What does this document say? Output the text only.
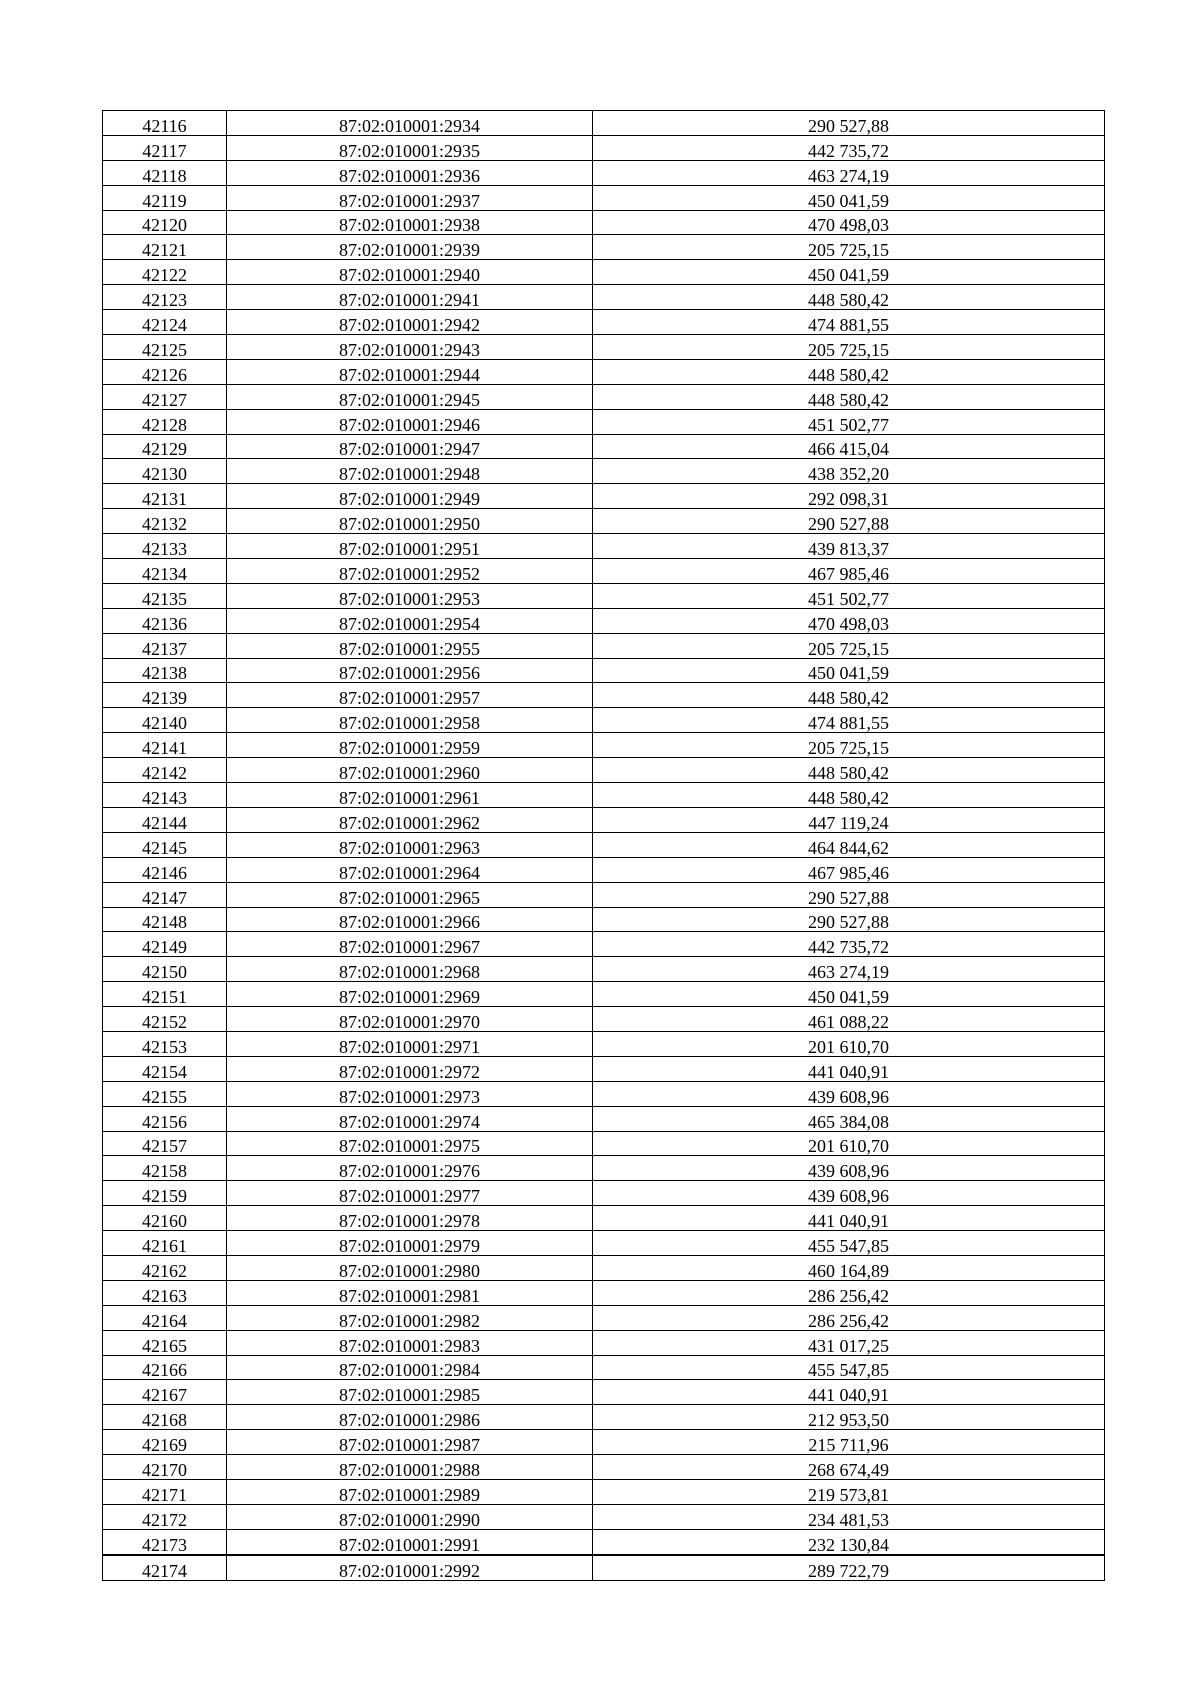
42116	87:02:010001:2934	290 527,88
42117	87:02:010001:2935	442 735,72
42118	87:02:010001:2936	463 274,19
42119	87:02:010001:2937	450 041,59
42120	87:02:010001:2938	470 498,03
42121	87:02:010001:2939	205 725,15
42122	87:02:010001:2940	450 041,59
42123	87:02:010001:2941	448 580,42
42124	87:02:010001:2942	474 881,55
42125	87:02:010001:2943	205 725,15
42126	87:02:010001:2944	448 580,42
42127	87:02:010001:2945	448 580,42
42128	87:02:010001:2946	451 502,77
42129	87:02:010001:2947	466 415,04
42130	87:02:010001:2948	438 352,20
42131	87:02:010001:2949	292 098,31
42132	87:02:010001:2950	290 527,88
42133	87:02:010001:2951	439 813,37
42134	87:02:010001:2952	467 985,46
42135	87:02:010001:2953	451 502,77
42136	87:02:010001:2954	470 498,03
42137	87:02:010001:2955	205 725,15
42138	87:02:010001:2956	450 041,59
42139	87:02:010001:2957	448 580,42
42140	87:02:010001:2958	474 881,55
42141	87:02:010001:2959	205 725,15
42142	87:02:010001:2960	448 580,42
42143	87:02:010001:2961	448 580,42
42144	87:02:010001:2962	447 119,24
42145	87:02:010001:2963	464 844,62
42146	87:02:010001:2964	467 985,46
42147	87:02:010001:2965	290 527,88
42148	87:02:010001:2966	290 527,88
42149	87:02:010001:2967	442 735,72
42150	87:02:010001:2968	463 274,19
42151	87:02:010001:2969	450 041,59
42152	87:02:010001:2970	461 088,22
42153	87:02:010001:2971	201 610,70
42154	87:02:010001:2972	441 040,91
42155	87:02:010001:2973	439 608,96
42156	87:02:010001:2974	465 384,08
42157	87:02:010001:2975	201 610,70
42158	87:02:010001:2976	439 608,96
42159	87:02:010001:2977	439 608,96
42160	87:02:010001:2978	441 040,91
42161	87:02:010001:2979	455 547,85
42162	87:02:010001:2980	460 164,89
42163	87:02:010001:2981	286 256,42
42164	87:02:010001:2982	286 256,42
42165	87:02:010001:2983	431 017,25
42166	87:02:010001:2984	455 547,85
42167	87:02:010001:2985	441 040,91
42168	87:02:010001:2986	212 953,50
42169	87:02:010001:2987	215 711,96
42170	87:02:010001:2988	268 674,49
42171	87:02:010001:2989	219 573,81
42172	87:02:010001:2990	234 481,53
42173	87:02:010001:2991	232 130,84
42174	87:02:010001:2992	289 722,79
